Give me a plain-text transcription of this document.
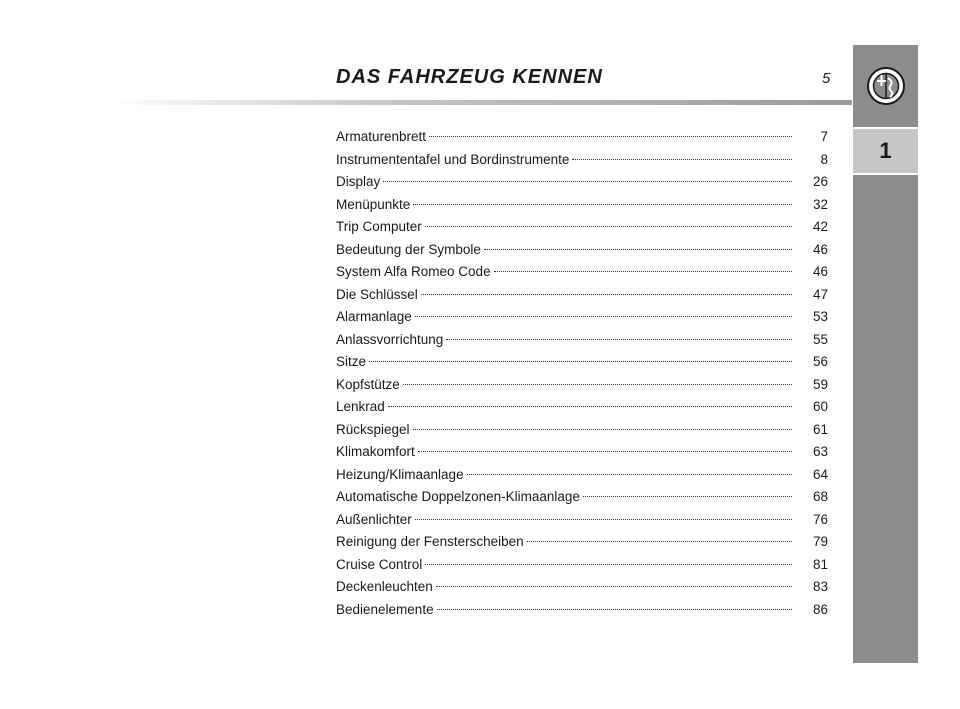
DAS FAHRZEUG KENNEN	5
Armaturenbrett	7
Instrumententafel und Bordinstrumente	8
Display	26
Menüpunkte	32
Trip Computer	42
Bedeutung der Symbole	46
System Alfa Romeo Code	46
Die Schlüssel	47
Alarmanlage	53
Anlassvorrichtung	55
Sitze	56
Kopfstütze	59
Lenkrad	60
Rückspiegel	61
Klimakomfort	63
Heizung/Klimaanlage	64
Automatische Doppelzonen-Klimaanlage	68
Außenlichter	76
Reinigung der Fensterscheiben	79
Cruise Control	81
Deckenleuchten	83
Bedienelemente	86
1
